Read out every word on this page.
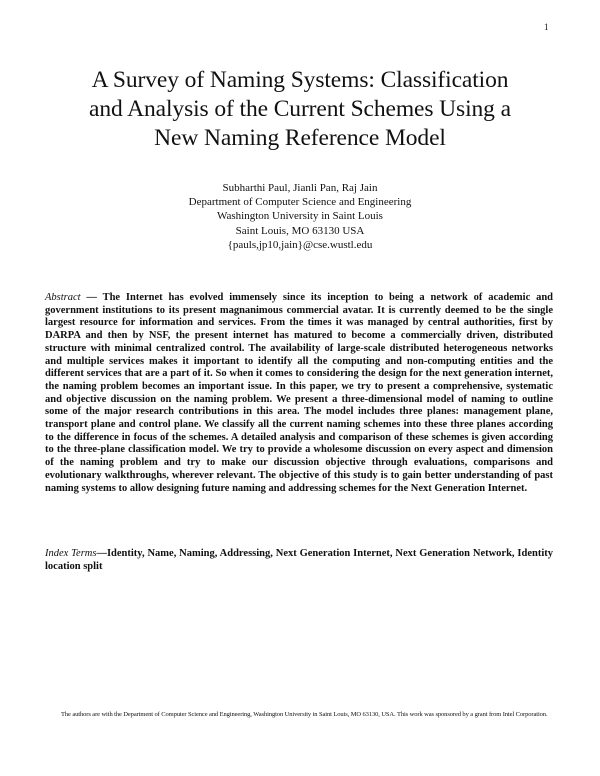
1
A Survey of Naming Systems: Classification
and Analysis of the Current Schemes Using a
New Naming Reference Model
Subharthi Paul, Jianli Pan, Raj Jain
Department of Computer Science and Engineering
Washington University in Saint Louis
Saint Louis, MO 63130 USA
{pauls,jp10,jain}@cse.wustl.edu

Abstract — The Internet has evolved immensely since its inception to being a network of academic and government institutions to its present magnanimous commercial avatar. It is currently deemed to be the single largest resource for information and services. From the times it was managed by central authorities, first by DARPA and then by NSF, the present internet has matured to become a commercially driven, distributed structure with minimal centralized control. The availability of large-scale distributed heterogeneous networks and multiple services makes it important to identify all the computing and non-computing entities and the different services that are a part of it. So when it comes to considering the design for the next generation internet, the naming problem becomes an important issue. In this paper, we try to present a comprehensive, systematic and objective discussion on the naming problem. We present a three-dimensional model of naming to outline some of the major research contributions in this area. The model includes three planes: management plane, transport plane and control plane. We classify all the current naming schemes into these three planes according to the difference in focus of the schemes. A detailed analysis and comparison of these schemes is given according to the three-plane classification model. We try to provide a wholesome discussion on every aspect and dimension of the naming problem and try to make our discussion objective through evaluations, comparisons and evolutionary walkthroughs, wherever relevant. The objective of this study is to gain better understanding of past naming systems to allow designing future naming and addressing schemes for the Next Generation Internet.

Index Terms—Identity, Name, Naming, Addressing, Next Generation Internet, Next Generation Network, Identity location split

The authors are with the Department of Computer Science and Engineering, Washington University in Saint Louis, MO 63130, USA. This work was sponsored by a grant from Intel Corporation.
